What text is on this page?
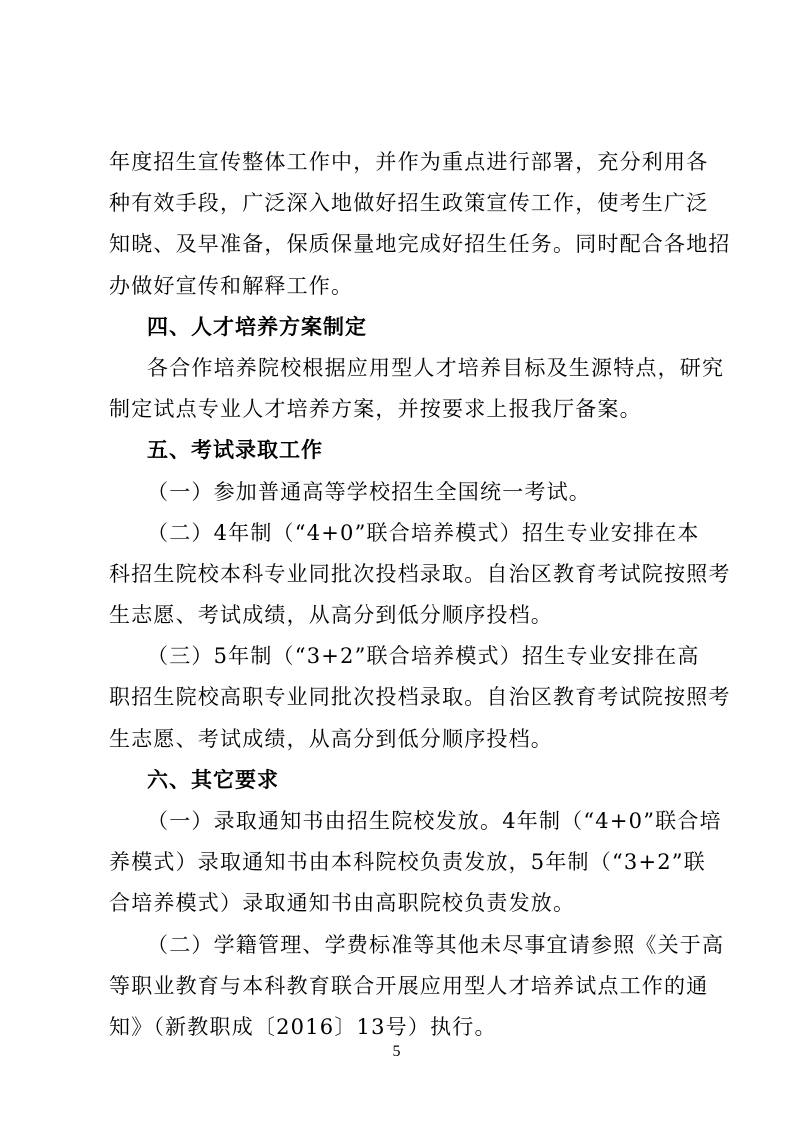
年度招生宣传整体工作中，并作为重点进行部署，充分利用各
种有效手段，广泛深入地做好招生政策宣传工作，使考生广泛
知晓、及早准备，保质保量地完成好招生任务。同时配合各地招
办做好宣传和解释工作。
四、人才培养方案制定
各合作培养院校根据应用型人才培养目标及生源特点，研究
制定试点专业人才培养方案，并按要求上报我厅备案。
五、考试录取工作
（一）参加普通高等学校招生全国统一考试。
（二）4年制（“4+0”联合培养模式）招生专业安排在本
科招生院校本科专业同批次投档录取。自治区教育考试院按照考
生志愿、考试成绩，从高分到低分顺序投档。
（三）5年制（“3+2”联合培养模式）招生专业安排在高
职招生院校高职专业同批次投档录取。自治区教育考试院按照考
生志愿、考试成绩，从高分到低分顺序投档。
六、其它要求
（一）录取通知书由招生院校发放。4年制（“4+0”联合培
养模式）录取通知书由本科院校负责发放，5年制（“3+2”联
合培养模式）录取通知书由高职院校负责发放。
（二）学籍管理、学费标准等其他未尽事宜请参照《关于高
等职业教育与本科教育联合开展应用型人才培养试点工作的通
知》（新教职成〔2016〕13号）执行。
5
